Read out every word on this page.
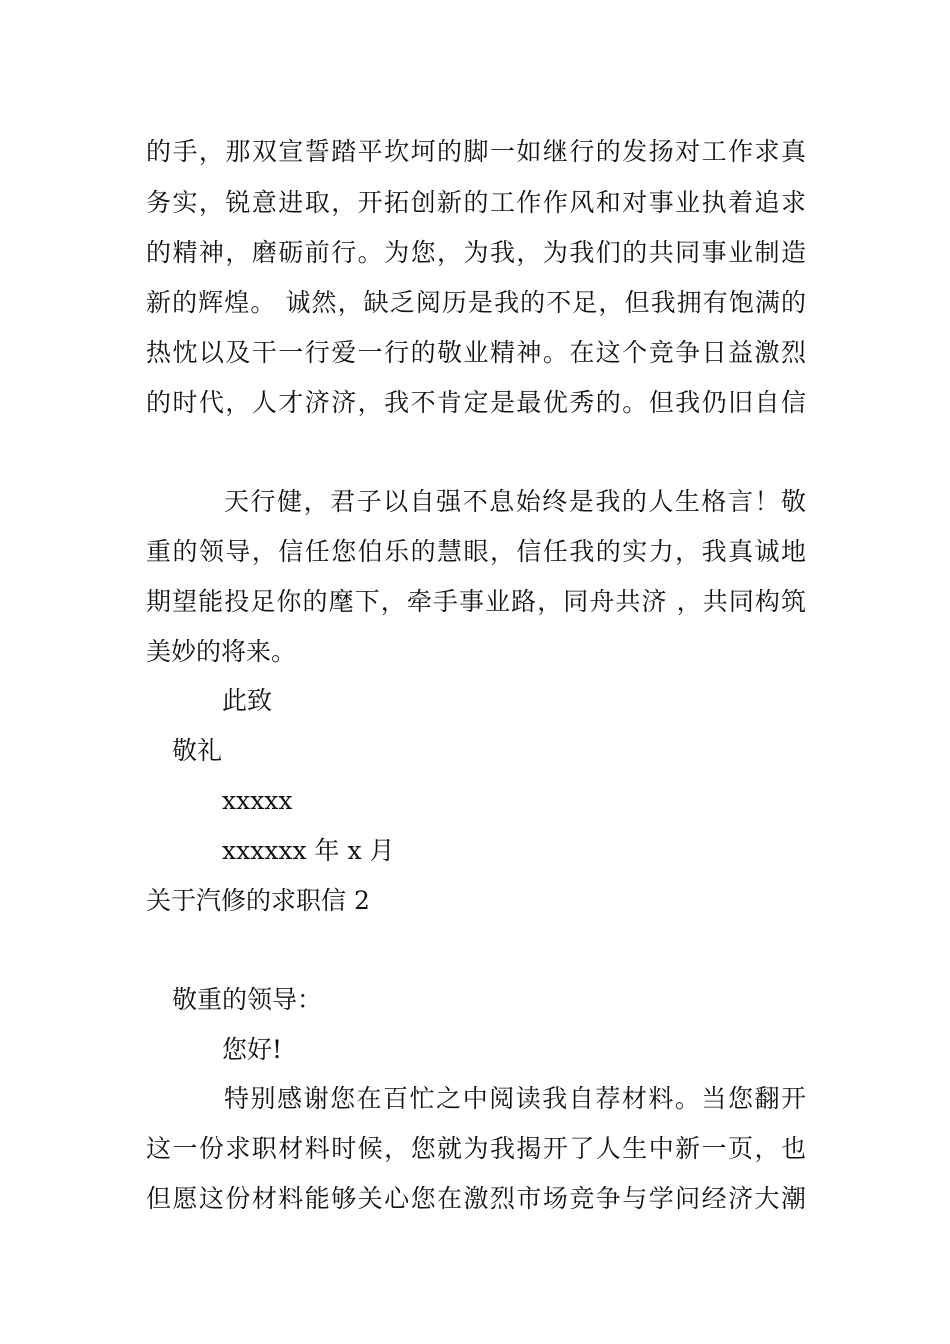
的手，那双宣誓踏平坎坷的脚一如继行的发扬对工作求真
务实，锐意进取，开拓创新的工作作风和对事业执着追求
的精神，磨砺前行。为您，为我，为我们的共同事业制造
新的辉煌。 诚然，缺乏阅历是我的不足，但我拥有饱满的
热忱以及干一行爱一行的敬业精神。在这个竞争日益激烈
的时代，人才济济，我不肯定是最优秀的。但我仍旧自信
天行健，君子以自强不息始终是我的人生格言！敬
重的领导，信任您伯乐的慧眼，信任我的实力，我真诚地
期望能投足你的麾下，牵手事业路，同舟共济 ，共同构筑
美妙的将来。
此致
敬礼
xxxxx
xxxxxx 年 x 月
关于汽修的求职信 2
敬重的领导：
您好!
特别感谢您在百忙之中阅读我自荐材料。当您翻开
这一份求职材料时候，您就为我揭开了人生中新一页，也
但愿这份材料能够关心您在激烈市场竞争与学问经济大潮
